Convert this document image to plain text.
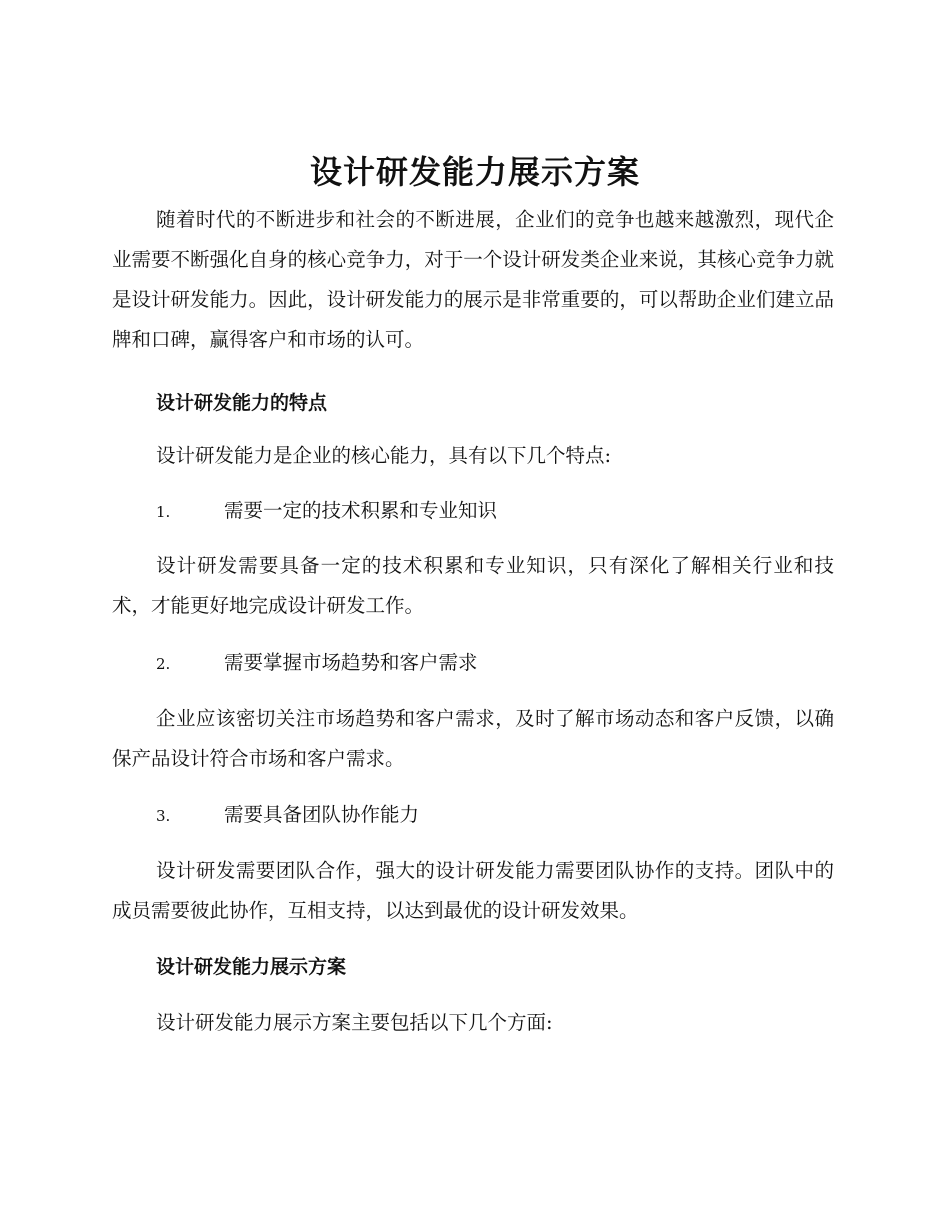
设计研发能力展示方案

随着时代的不断进步和社会的不断进展，企业们的竞争也越来越激烈，现代企业需要不断强化自身的核心竞争力，对于一个设计研发类企业来说，其核心竞争力就是设计研发能力。因此，设计研发能力的展示是非常重要的，可以帮助企业们建立品牌和口碑，赢得客户和市场的认可。

设计研发能力的特点

设计研发能力是企业的核心能力，具有以下几个特点:

1.	需要一定的技术积累和专业知识

设计研发需要具备一定的技术积累和专业知识，只有深化了解相关行业和技术，才能更好地完成设计研发工作。

2.	需要掌握市场趋势和客户需求

企业应该密切关注市场趋势和客户需求，及时了解市场动态和客户反馈，以确保产品设计符合市场和客户需求。

3.	需要具备团队协作能力

设计研发需要团队合作，强大的设计研发能力需要团队协作的支持。团队中的成员需要彼此协作，互相支持，以达到最优的设计研发效果。

设计研发能力展示方案

设计研发能力展示方案主要包括以下几个方面:
